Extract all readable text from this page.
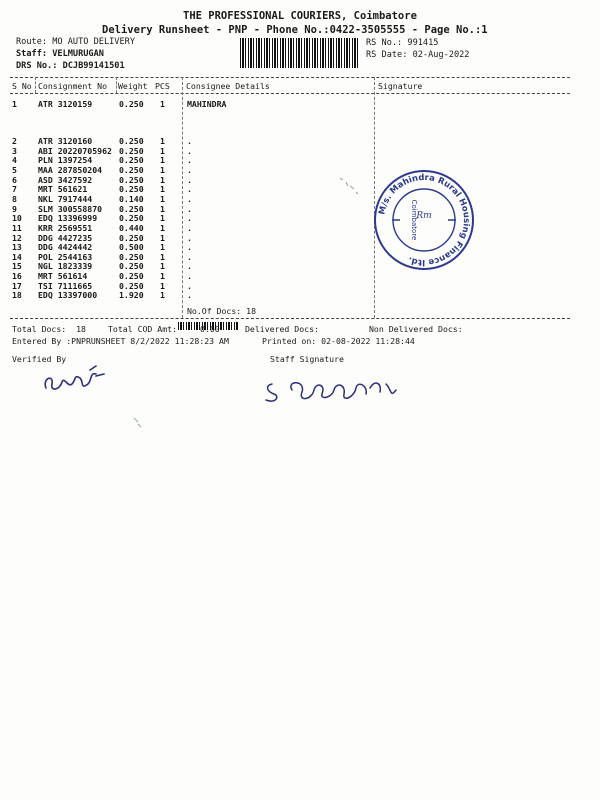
THE PROFESSIONAL COURIERS, Coimbatore
Delivery Runsheet - PNP - Phone No.:0422-3505555 - Page No.:1
Route: MO AUTO DELIVERY
Staff: VELMURUGAN
DRS No.: DCJB99141501
RS No.: 991415
RS Date: 02-Aug-2022
S No Consignment No Weight PCS Consignee Details	Signature
1	ATR 3120159	0.250 1	MAHINDRA
2	ATR 3120160	0.250 1	.
3	ABI 20220705962 0.250 1	.
4	PLN 1397254	0.250 1	.
5	MAA 287850204 0.250 1	.
6	ASD 3427592	0.250 1	.
7	MRT 561621	0.250 1	.
8	NKL 7917444	0.140 1	.
9	SLM 300558870 0.250 1	.
10 EDQ 13396999	0.250 1	.
11 KRR 2569551	0.440 1	.
12 DDG 4427235	0.250 1	.
13 DDG 4424442	0.500 1	.
14 POL 2544163	0.250 1	.
15 NGL 1823339	0.250 1	.
16 MRT 561614	0.250 1	.
17 TSI 7111665	0.250 1	.
18 EDQ 13397000	1.920 1	.
No.Of Docs: 18
Total Docs:  18	Total COD Amt:	0.00	Delivered Docs:	Non Delivered Docs:
Entered By :PNPRUNSHEET 8/2/2022 11:28:23 AM	Printed on: 02-08-2022 11:28:44
Verified By	Staff Signature
M/s. Mahindra Rural Housing Finance ltd.
Rm
Coimbatore
